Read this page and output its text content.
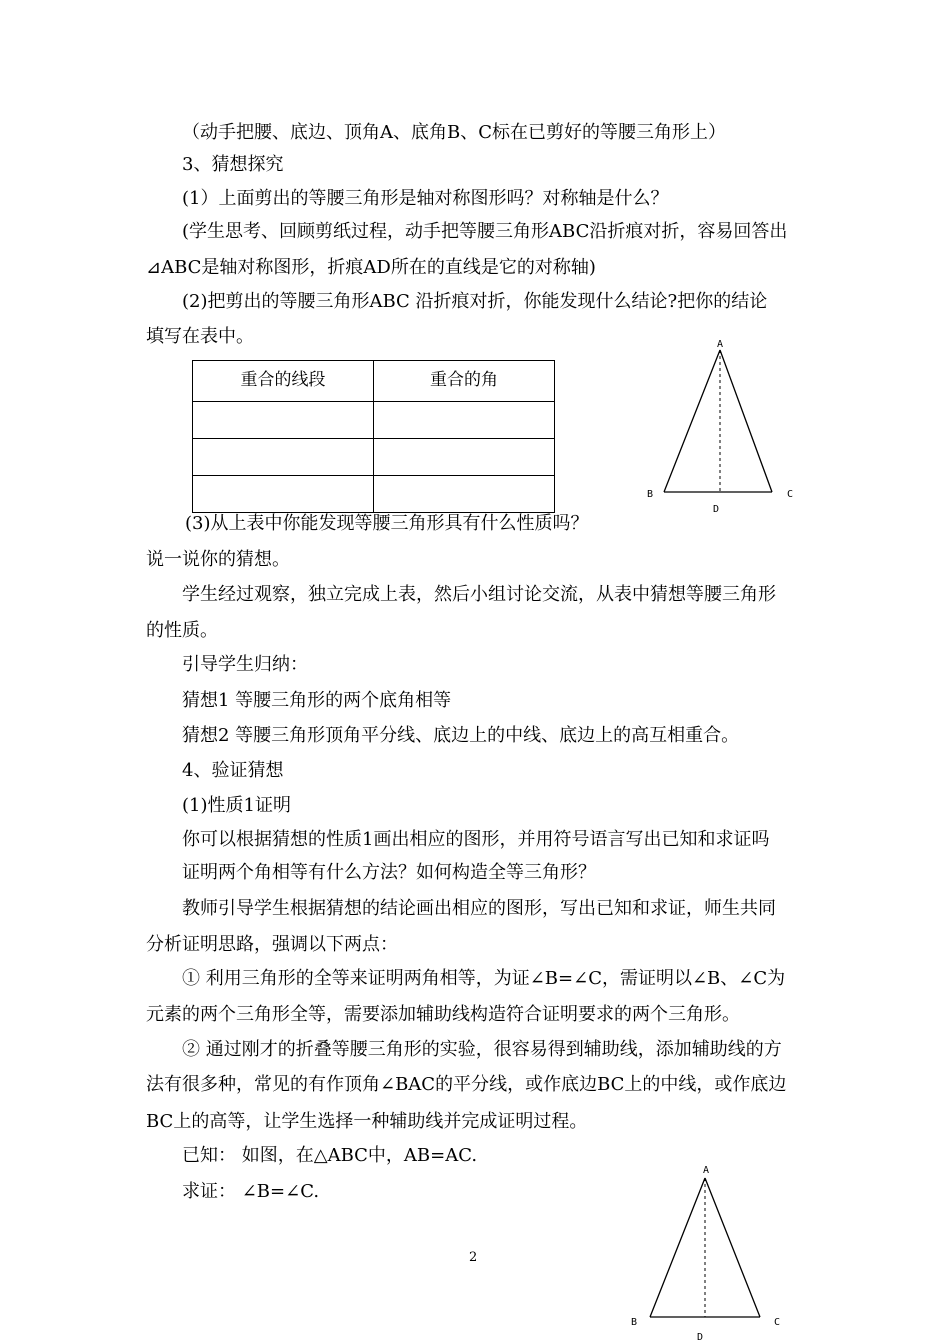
（动手把腰、底边、顶角A、底角B、C标在已剪好的等腰三角形上）
3、猜想探究
(1）上面剪出的等腰三角形是轴对称图形吗？对称轴是什么？
(学生思考、回顾剪纸过程，动手把等腰三角形ABC沿折痕对折，容易回答出
⊿ABC是轴对称图形，折痕AD所在的直线是它的对称轴)
(2)把剪出的等腰三角形ABC 沿折痕对折，你能发现什么结论?把你的结论
填写在表中。
重合的线段	重合的角

A
B	C
D
(3)从上表中你能发现等腰三角形具有什么性质吗？
说一说你的猜想。
学生经过观察，独立完成上表，然后小组讨论交流，从表中猜想等腰三角形
的性质。
引导学生归纳：
猜想1 等腰三角形的两个底角相等
猜想2 等腰三角形顶角平分线、底边上的中线、底边上的高互相重合。
4、验证猜想
(1)性质1证明
你可以根据猜想的性质1画出相应的图形，并用符号语言写出已知和求证吗
证明两个角相等有什么方法？如何构造全等三角形？
教师引导学生根据猜想的结论画出相应的图形，写出已知和求证，师生共同
分析证明思路，强调以下两点：
① 利用三角形的全等来证明两角相等，为证∠B=∠C，需证明以∠B、∠C为
元素的两个三角形全等，需要添加辅助线构造符合证明要求的两个三角形。
② 通过刚才的折叠等腰三角形的实验，很容易得到辅助线，添加辅助线的方
法有很多种，常见的有作顶角∠BAC的平分线，或作底边BC上的中线，或作底边
BC上的高等，让学生选择一种辅助线并完成证明过程。
已知： 如图，在△ABC中，AB=AC.
求证： ∠B=∠C.
2
A
B	C
D
